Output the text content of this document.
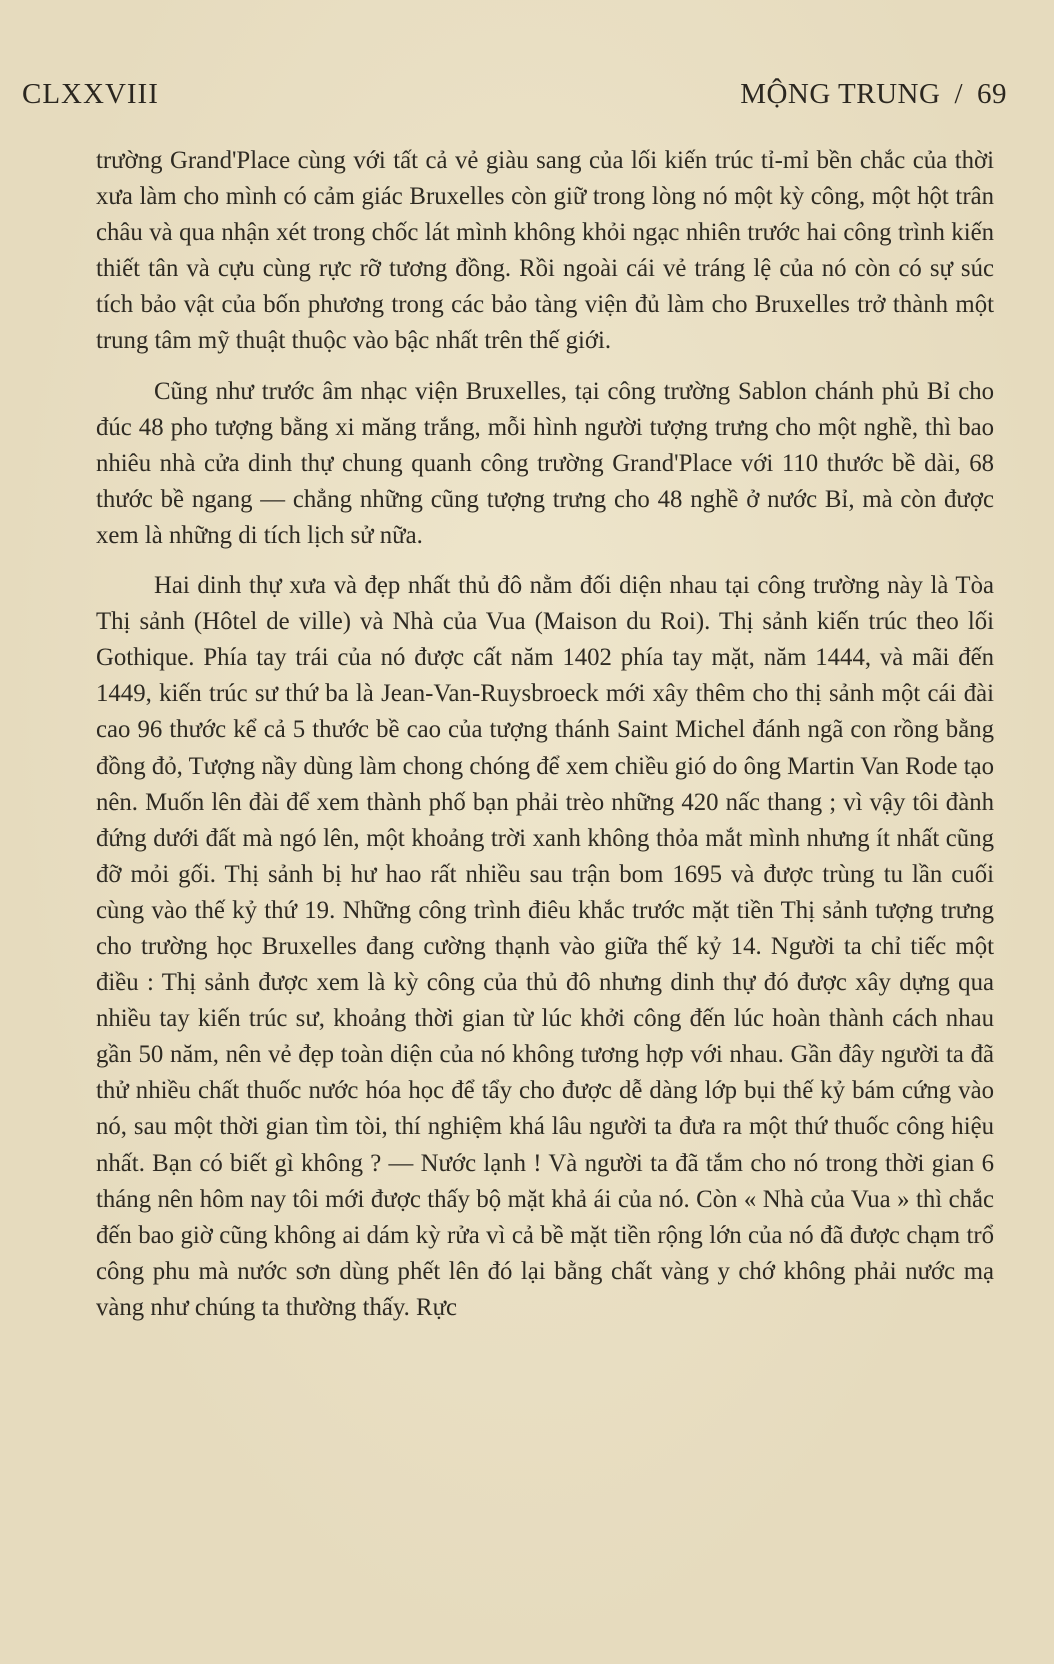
CLXXVIII	MỘNG TRUNG / 69

trường Grand'Place cùng với tất cả vẻ giàu sang của lối kiến trúc tỉ-mỉ bền chắc của thời xưa làm cho mình có cảm giác Bruxelles còn giữ trong lòng nó một kỳ công, một hột trân châu và qua nhận xét trong chốc lát mình không khỏi ngạc nhiên trước hai công trình kiến thiết tân và cựu cùng rực rỡ tương đồng. Rồi ngoài cái vẻ tráng lệ của nó còn có sự súc tích bảo vật của bốn phương trong các bảo tàng viện đủ làm cho Bruxelles trở thành một trung tâm mỹ thuật thuộc vào bậc nhất trên thế giới.

Cũng như trước âm nhạc viện Bruxelles, tại công trường Sablon chánh phủ Bỉ cho đúc 48 pho tượng bằng xi măng trắng, mỗi hình người tượng trưng cho một nghề, thì bao nhiêu nhà cửa dinh thự chung quanh công trường Grand'Place với 110 thước bề dài, 68 thước bề ngang — chẳng những cũng tượng trưng cho 48 nghề ở nước Bỉ, mà còn được xem là những di tích lịch sử nữa.

Hai dinh thự xưa và đẹp nhất thủ đô nằm đối diện nhau tại công trường này là Tòa Thị sảnh (Hôtel de ville) và Nhà của Vua (Maison du Roi). Thị sảnh kiến trúc theo lối Gothique. Phía tay trái của nó được cất năm 1402 phía tay mặt, năm 1444, và mãi đến 1449, kiến trúc sư thứ ba là Jean-Van-Ruysbroeck mới xây thêm cho thị sảnh một cái đài cao 96 thước kể cả 5 thước bề cao của tượng thánh Saint Michel đánh ngã con rồng bằng đồng đỏ, Tượng nầy dùng làm chong chóng để xem chiều gió do ông Martin Van Rode tạo nên. Muốn lên đài để xem thành phố bạn phải trèo những 420 nấc thang ; vì vậy tôi đành đứng dưới đất mà ngó lên, một khoảng trời xanh không thỏa mắt mình nhưng ít nhất cũng đỡ mỏi gối. Thị sảnh bị hư hao rất nhiều sau trận bom 1695 và được trùng tu lần cuối cùng vào thế kỷ thứ 19. Những công trình điêu khắc trước mặt tiền Thị sảnh tượng trưng cho trường học Bruxelles đang cường thạnh vào giữa thế kỷ 14. Người ta chỉ tiếc một điều : Thị sảnh được xem là kỳ công của thủ đô nhưng dinh thự đó được xây dựng qua nhiều tay kiến trúc sư, khoảng thời gian từ lúc khởi công đến lúc hoàn thành cách nhau gần 50 năm, nên vẻ đẹp toàn diện của nó không tương hợp với nhau. Gần đây người ta đã thử nhiều chất thuốc nước hóa học để tẩy cho được dễ dàng lớp bụi thế kỷ bám cứng vào nó, sau một thời gian tìm tòi, thí nghiệm khá lâu người ta đưa ra một thứ thuốc công hiệu nhất. Bạn có biết gì không ? — Nước lạnh ! Và người ta đã tắm cho nó trong thời gian 6 tháng nên hôm nay tôi mới được thấy bộ mặt khả ái của nó. Còn « Nhà của Vua » thì chắc đến bao giờ cũng không ai dám kỳ rửa vì cả bề mặt tiền rộng lớn của nó đã được chạm trổ công phu mà nước sơn dùng phết lên đó lại bằng chất vàng y chớ không phải nước mạ vàng như chúng ta thường thấy. Rực
